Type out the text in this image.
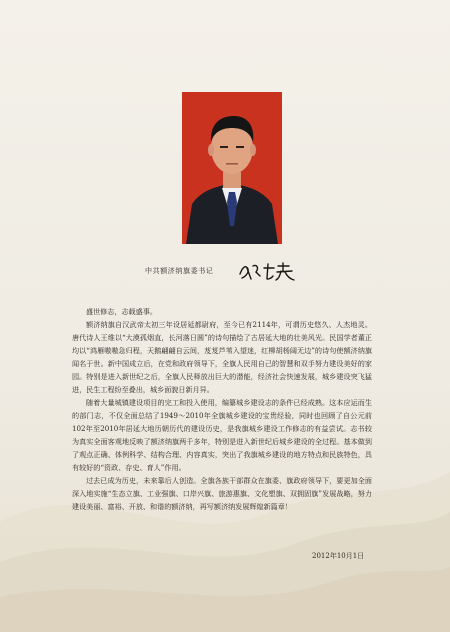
中共额济纳旗委书记

盛世修志，志载盛事。

额济纳旗自汉武帝太初三年设居延都尉府，至今已有2114年，可谓历史悠久、人杰地灵。唐代诗人王维以“大漠孤烟直，长河落日圆”的诗句描绘了古居延大地的壮美风光。民国学者董正均以“鸿雁嗷嗷急归程，天鹅翩翩自云间，芨芨芦苇入望迷，红柳胡杨阔无边”的诗句使额济纳旗闻名于世。新中国成立后，在党和政府领导下，全旗人民用自己的智慧和双手努力建设美好的家园。特别是进入新世纪之后，全旗人民释放出巨大的潜能，经济社会快速发展，城乡建设突飞猛进，民生工程纷至叠出，城乡面貌日新月异。

随着大量城镇建设项目的完工和投入使用，编纂城乡建设志的条件已经成熟。这本应运而生的部门志，不仅全面总结了1949～2010年全旗城乡建设的宝贵经验，同时也回顾了自公元前102年至2010年居延大地历朝历代的建设历史，是我旗城乡建设工作修志的有益尝试。志书较为真实全面客观地反映了额济纳旗两千多年，特别是进入新世纪后城乡建设的全过程。基本做到了观点正确、体例科学、结构合理、内容真实，突出了我旗城乡建设的地方特点和民族特色，具有较好的“资政、存史、育人”作用。

过去已成为历史，未来靠后人创造。全旗各族干部群众在旗委、旗政府领导下，要更加全面深入地实施“生态立旗、工业强旗、口岸兴旗、旅游惠旗、文化塑旗、双拥固旗”发展战略，努力建设美丽、富裕、开放、和谐的额济纳，再写额济纳发展辉煌新篇章！

2012年10月1日
